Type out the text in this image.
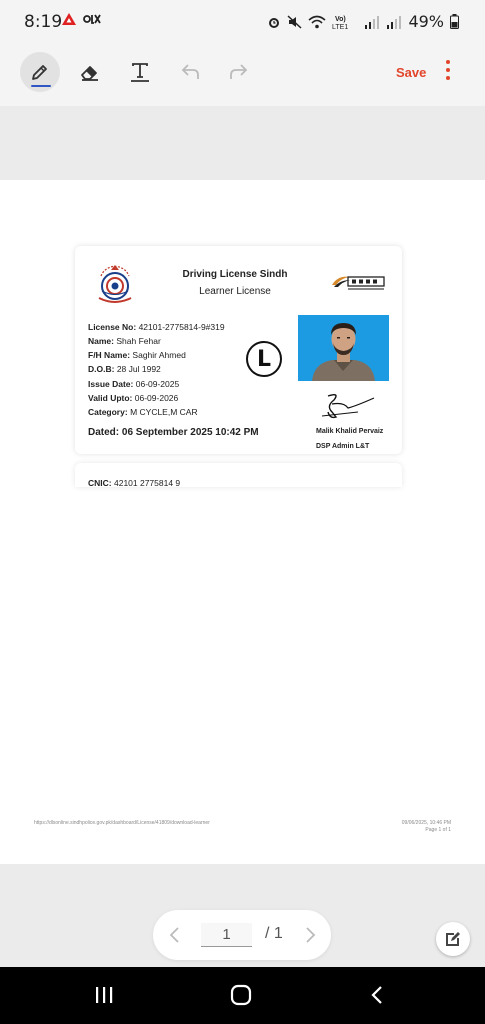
8:19	Vo)
LTE1	49%
Save
Driving License Sindh
Learner License
License No: 42101-2775814-9#319
Name: Shah Fehar
F/H Name: Saghir Ahmed
D.O.B: 28 Jul 1992
Issue Date: 06-09-2025
Valid Upto: 06-09-2026
Category: M CYCLE,M CAR
Dated: 06 September 2025 10:42 PM
L
Malik Khalid Pervaiz
DSP Admin L&T
CNIC: 42101 2775814 9
https://dlsonline.sindhpolice.gov.pk/dashboard/License/41809/download-learner	09/06/2025, 10:46 PM
Page 1 of 1
1
/ 1
